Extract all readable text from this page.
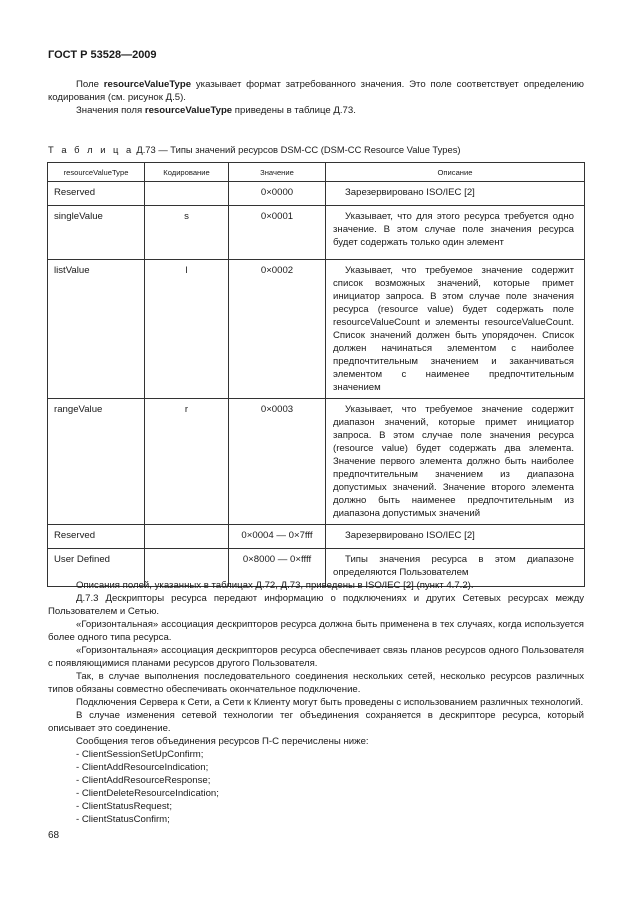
ГОСТ Р 53528—2009

Поле resourceValueType указывает формат затребованного значения. Это поле соответствует определению кодирования (см. рисунок Д.5).

Значения поля resourceValueType приведены в таблице Д.73.

Т а б л и ц а Д.73 — Типы значений ресурсов DSM-CC (DSM-CC Resource Value Types)
resourceValueType	Кодирование	Значение	Описание
Reserved		0×0000	Зарезервировано ISO/IEC [2]
singleValue	s	0×0001	Указывает, что для этого ресурса требуется одно значение. В этом случае поле значения ресурса будет содержать только один элемент
listValue	l	0×0002	Указывает, что требуемое значение содержит список возможных значений, которые примет инициатор запроса. В этом случае поле значения ресурса (resource value) будет содержать поле resourceValueCount и элементы resourceValueCount. Список значений должен быть упорядочен. Список должен начинаться элементом с наиболее предпочтительным значением и заканчиваться элементом с наименее предпочтительным значением
rangeValue	r	0×0003	Указывает, что требуемое значение содержит диапазон значений, которые примет инициатор запроса. В этом случае поле значения ресурса (resource value) будет содержать два элемента. Значение первого элемента должно быть наиболее предпочтительным значением из диапазона допустимых значений. Значение второго элемента должно быть наименее предпочтительным из диапазона допустимых значений
Reserved		0×0004 — 0×7fff	Зарезервировано ISO/IEC [2]
User Defined		0×8000 — 0×ffff	Типы значения ресурса в этом диапазоне определяются Пользователем

Описания полей, указанных в таблицах Д.72, Д.73, приведены в ISO/IEC [2] (пункт 4.7.2).

Д.7.3 Дескрипторы ресурса передают информацию о подключениях и других Сетевых ресурсах между Пользователем и Сетью.

«Горизонтальная» ассоциация дескрипторов ресурса должна быть применена в тех случаях, когда используется более одного типа ресурса.

«Горизонтальная» ассоциация дескрипторов ресурса обеспечивает связь планов ресурсов одного Пользователя с появляющимися планами ресурсов другого Пользователя.

Так, в случае выполнения последовательного соединения нескольких сетей, несколько ресурсов различных типов обязаны совместно обеспечивать окончательное подключение.

Подключения Сервера к Сети, а Сети к Клиенту могут быть проведены с использованием различных технологий.

В случае изменения сетевой технологии тег объединения сохраняется в дескрипторе ресурса, который описывает это соединение.

Сообщения тегов объединения ресурсов П-С перечислены ниже:

- ClientSessionSetUpConfirm;
- ClientAddResourceIndication;
- ClientAddResourceResponse;
- ClientDeleteResourceIndication;
- ClientStatusRequest;
- ClientStatusConfirm;
68
